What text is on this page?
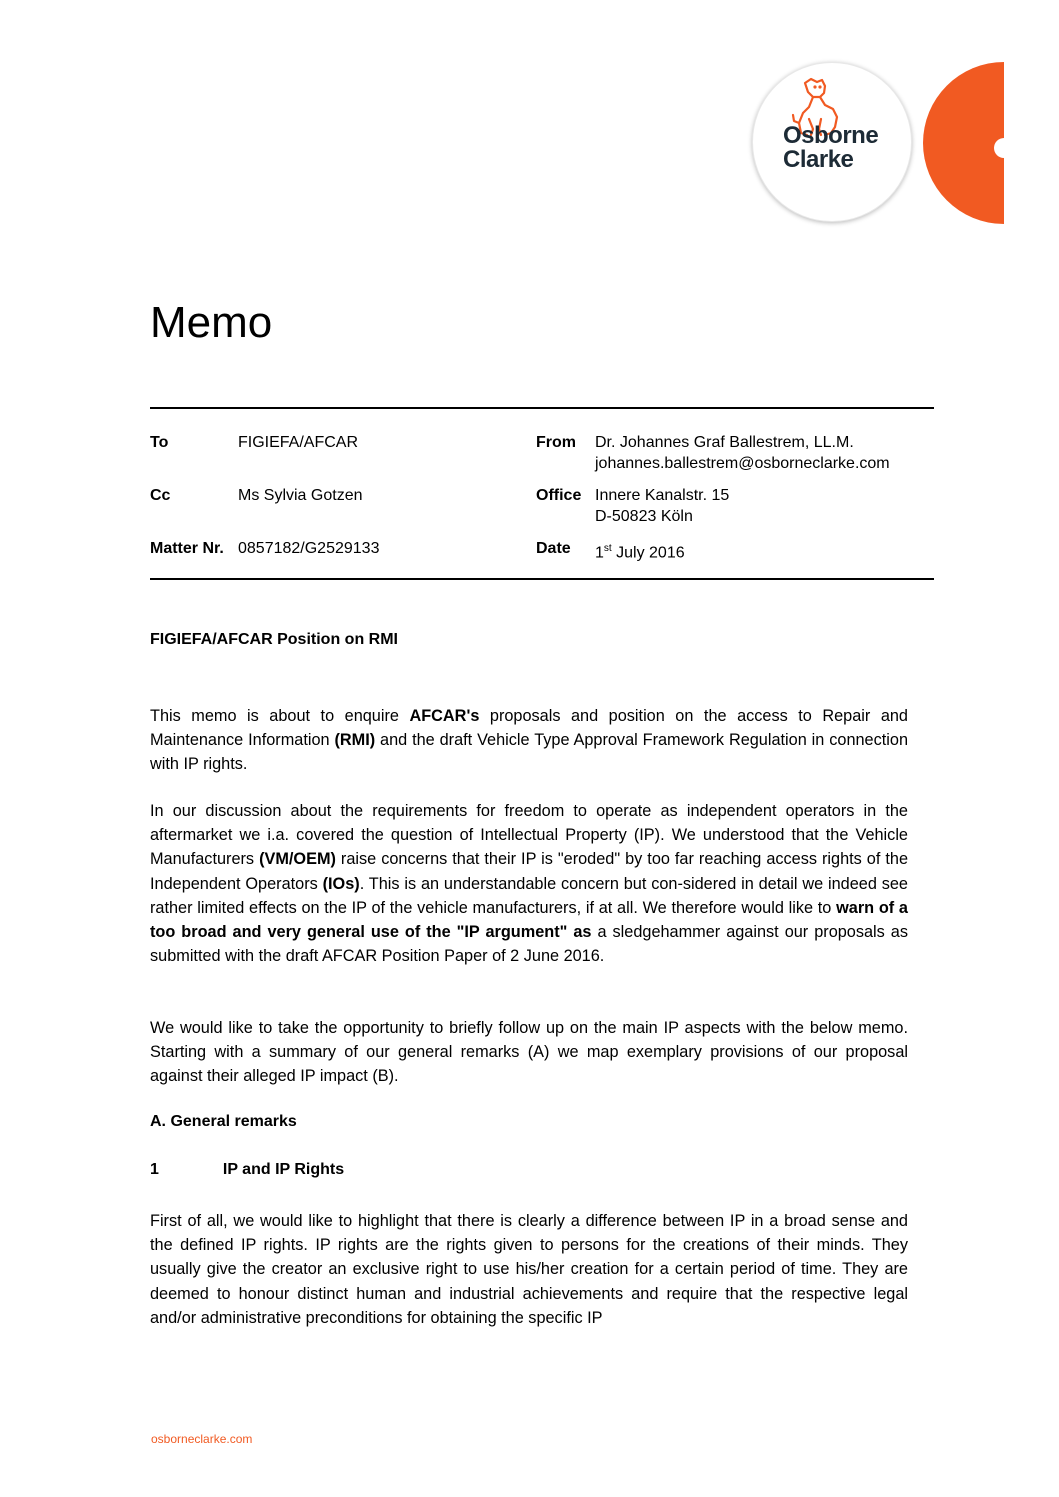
Osborne
Clarke
Memo
To	FIGIEFA/AFCAR	From Dr. Johannes Graf Ballestrem, LL.M.
johannes.ballestrem@osborneclarke.com
Cc	Ms Sylvia Gotzen	Office Innere Kanalstr. 15
D-50823 Köln
Matter Nr. 0857182/G2529133	Date 1st July 2016
FIGIEFA/AFCAR Position on RMI

This memo is about to enquire AFCAR's proposals and position on the access to Repair and Maintenance Information (RMI) and the draft Vehicle Type Approval Framework Regulation in connection with IP rights.

In our discussion about the requirements for freedom to operate as independent operators in the aftermarket we i.a. covered the question of Intellectual Property (IP). We understood that the Vehicle Manufacturers (VM/OEM) raise concerns that their IP is "eroded" by too far reaching access rights of the Independent Operators (IOs). This is an understandable concern but con-sidered in detail we indeed see rather limited effects on the IP of the vehicle manufacturers, if at all. We therefore would like to warn of a too broad and very general use of the "IP argument" as a sledgehammer against our proposals as submitted with the draft AFCAR Position Paper of 2 June 2016.

We would like to take the opportunity to briefly follow up on the main IP aspects with the below memo. Starting with a summary of our general remarks (A) we map exemplary provisions of our proposal against their alleged IP impact (B).

A. General remarks
1	IP and IP Rights

First of all, we would like to highlight that there is clearly a difference between IP in a broad sense and the defined IP rights. IP rights are the rights given to persons for the creations of their minds. They usually give the creator an exclusive right to use his/her creation for a certain period of time. They are deemed to honour distinct human and industrial achievements and require that the respective legal and/or administrative preconditions for obtaining the specific IP

osborneclarke.com
